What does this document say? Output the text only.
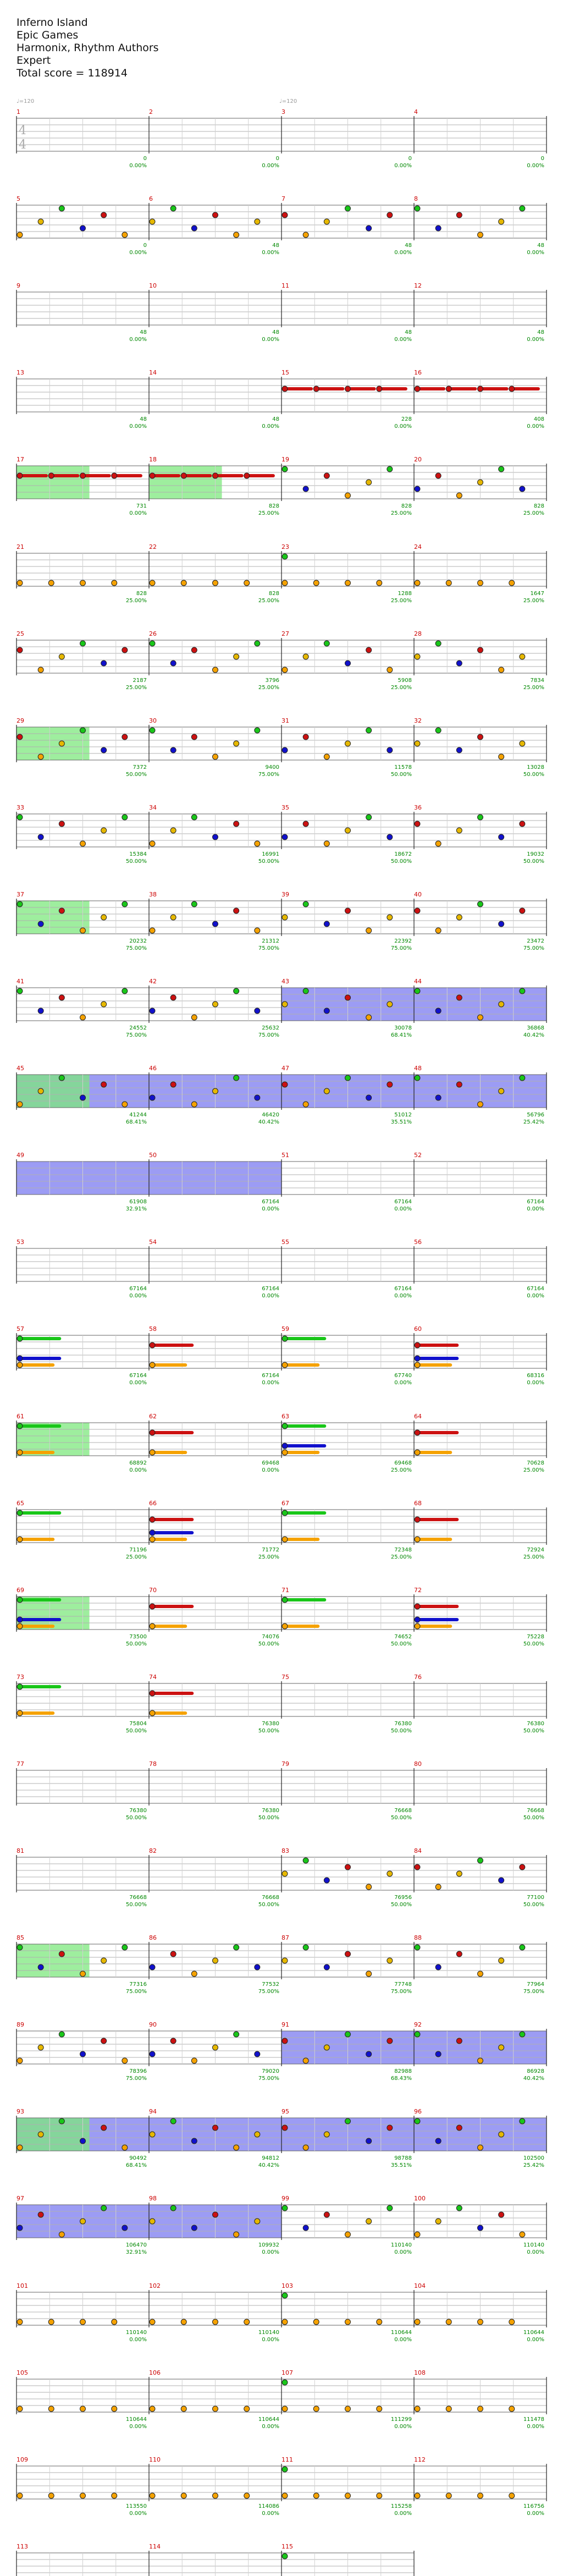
Inferno Island
Epic Games
Harmonix, Rhythm Authors
Expert
Total score = 118914
♩=120	♩=120
4
4
1
0
0.00%
2
0
0.00%
3
0
0.00%
4
0
0.00%
5
0
0.00%
6
48
0.00%
7
48
0.00%
8
48
0.00%
9
48
0.00%
10
48
0.00%
11
48
0.00%
12
48
0.00%
13
48
0.00%
14
48
0.00%
15
228
0.00%
16
408
0.00%
17
731
0.00%
18
828
25.00%
19
828
25.00%
20
828
25.00%
21
828
25.00%
22
828
25.00%
23
1288
25.00%
24
1647
25.00%
25
2187
25.00%
26
3796
25.00%
27
5908
25.00%
28
7834
25.00%
29
7372
50.00%
30
9400
75.00%
31
11578
50.00%
32
13028
50.00%
33
15384
50.00%
34
16991
50.00%
35
18672
50.00%
36
19032
50.00%
37
20232
75.00%
38
21312
75.00%
39
22392
75.00%
40
23472
75.00%
41
24552
75.00%
42
25632
75.00%
43
30078
68.41%
44
36868
40.42%
45
41244
68.41%
46
46420
40.42%
47
51012
35.51%
48
56796
25.42%
49
61908
32.91%
50
67164
0.00%
51
67164
0.00%
52
67164
0.00%
53
67164
0.00%
54
67164
0.00%
55
67164
0.00%
56
67164
0.00%
57
67164
0.00%
58
67164
0.00%
59
67740
0.00%
60
68316
0.00%
61
68892
0.00%
62
69468
0.00%
63
69468
25.00%
64
70628
25.00%
65
71196
25.00%
66
71772
25.00%
67
72348
25.00%
68
72924
25.00%
69
73500
50.00%
70
74076
50.00%
71
74652
50.00%
72
75228
50.00%
73
75804
50.00%
74
76380
50.00%
75
76380
50.00%
76
76380
50.00%
77
76380
50.00%
78
76380
50.00%
79
76668
50.00%
80
76668
50.00%
81
76668
50.00%
82
76668
50.00%
83
76956
50.00%
84
77100
50.00%
85
77316
75.00%
86
77532
75.00%
87
77748
75.00%
88
77964
75.00%
89
78396
75.00%
90
79020
75.00%
91
82988
68.43%
92
86928
40.42%
93
90492
68.41%
94
94812
40.42%
95
98788
35.51%
96
102500
25.42%
97
106470
32.91%
98
109932
0.00%
99
110140
0.00%
100
110140
0.00%
101
110140
0.00%
102
110140
0.00%
103
110644
0.00%
104
110644
0.00%
105
110644
0.00%
106
110644
0.00%
107
111299
0.00%
108
111478
0.00%
109
113550
0.00%
110
114086
0.00%
111
115258
0.00%
112
116756
0.00%
113	114	115
